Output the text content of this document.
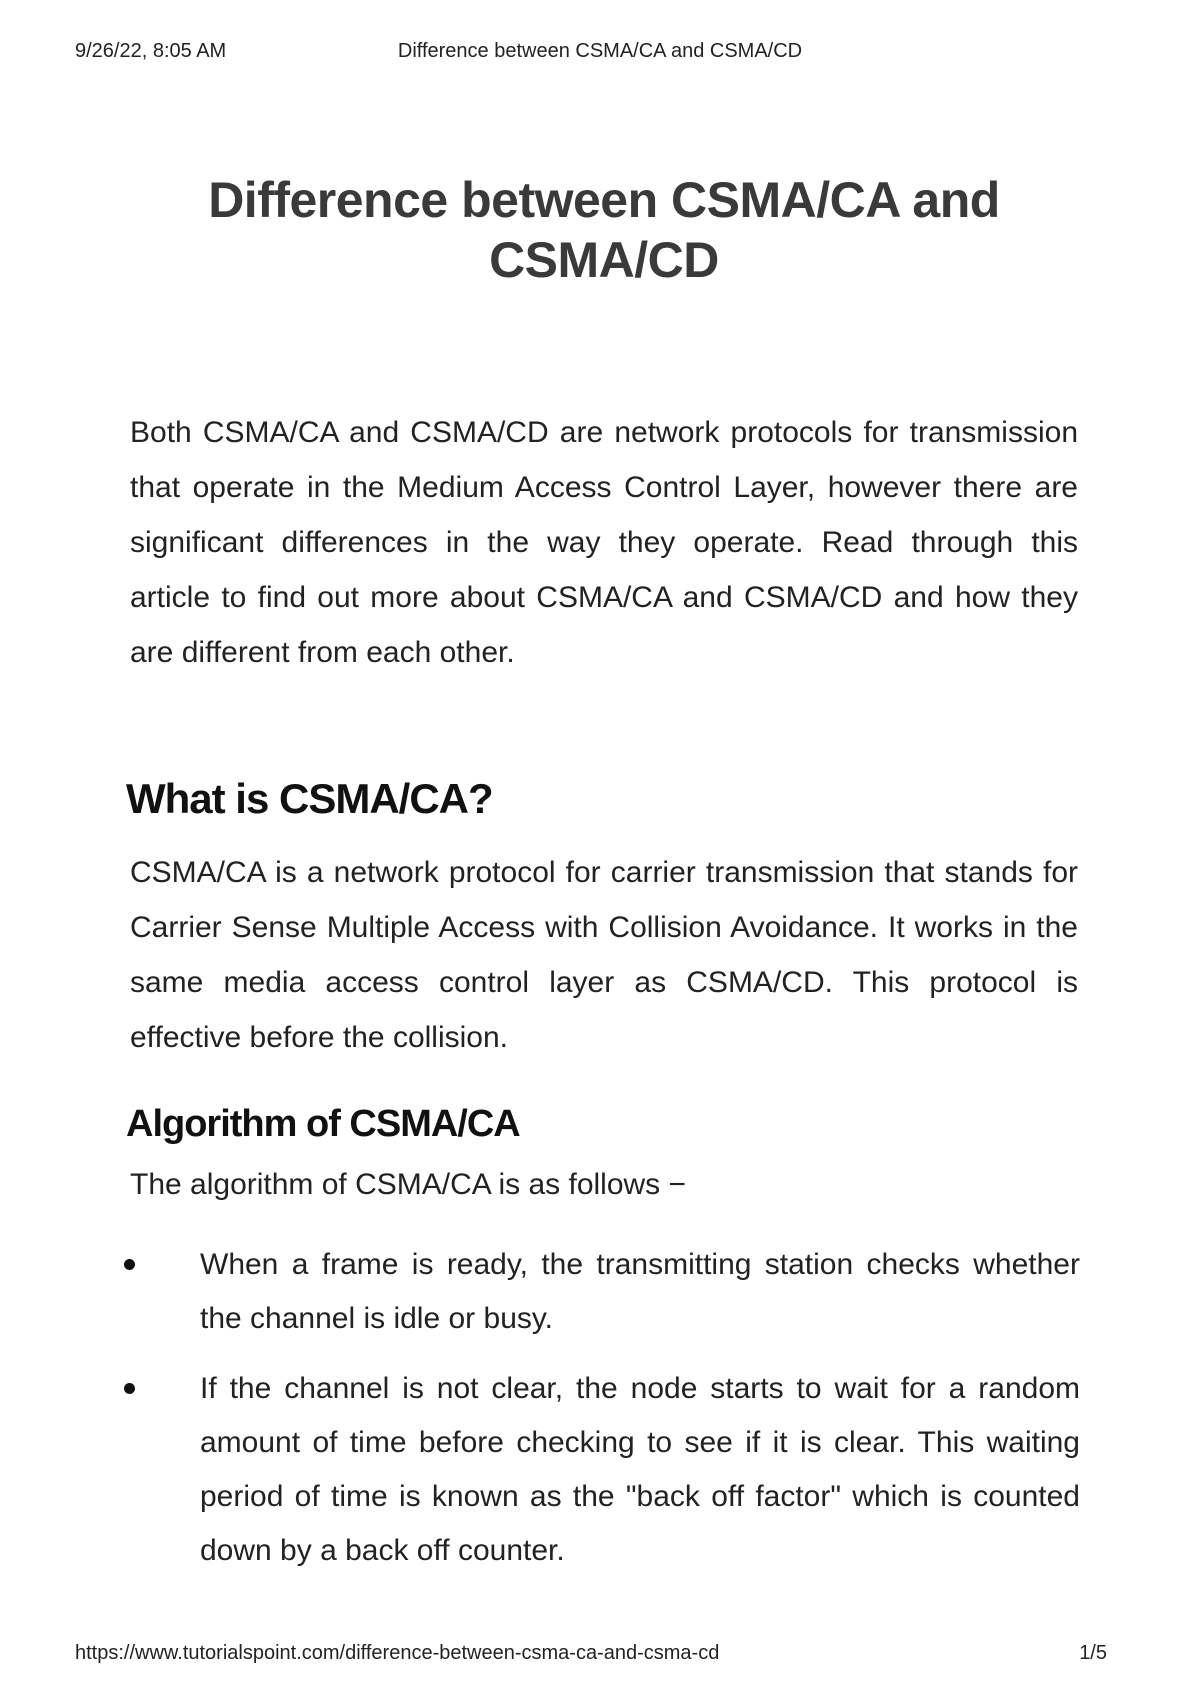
9/26/22, 8:05 AM	Difference between CSMA/CA and CSMA/CD
Difference between CSMA/CA and CSMA/CD

Both CSMA/CA and CSMA/CD are network protocols for transmission that operate in the Medium Access Control Layer, however there are significant differences in the way they operate. Read through this article to find out more about CSMA/CA and CSMA/CD and how they are different from each other.

What is CSMA/CA?

CSMA/CA is a network protocol for carrier transmission that stands for Carrier Sense Multiple Access with Collision Avoidance. It works in the same media access control layer as CSMA/CD. This protocol is effective before the collision.

Algorithm of CSMA/CA

The algorithm of CSMA/CA is as follows −

When a frame is ready, the transmitting station checks whether the channel is idle or busy.
If the channel is not clear, the node starts to wait for a random amount of time before checking to see if it is clear. This waiting period of time is known as the "back off factor" which is counted down by a back off counter.
https://www.tutorialspoint.com/difference-between-csma-ca-and-csma-cd	1/5
